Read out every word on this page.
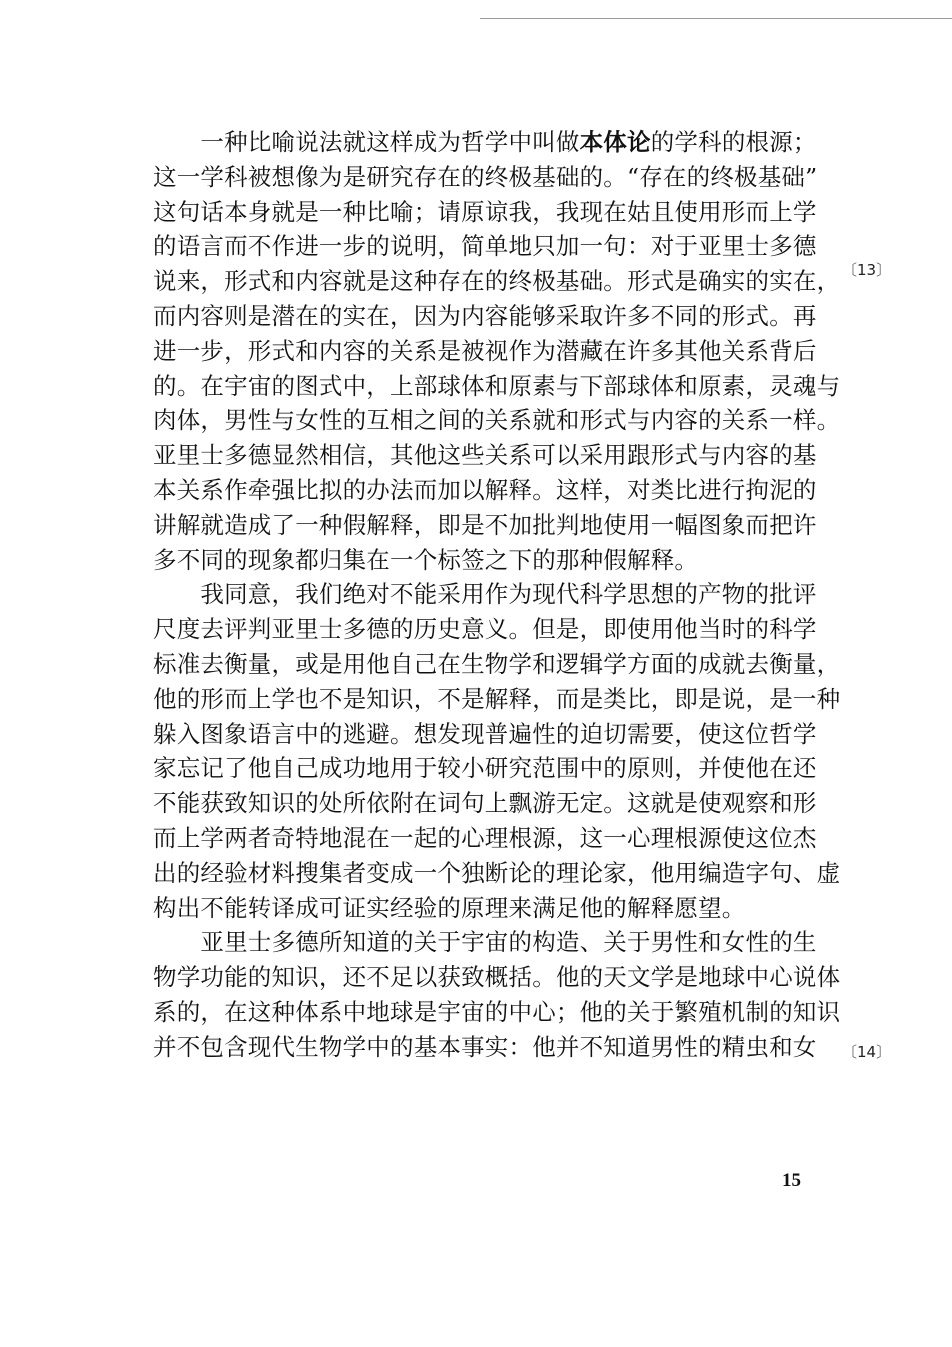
　　一种比喻说法就这样成为哲学中叫做本体论的学科的根源；
这一学科被想像为是研究存在的终极基础的。“存在的终极基础”
这句话本身就是一种比喻；请原谅我，我现在姑且使用形而上学
的语言而不作进一步的说明，简单地只加一句：对于亚里士多德
说来，形式和内容就是这种存在的终极基础。形式是确实的实在，
而内容则是潜在的实在，因为内容能够采取许多不同的形式。再
进一步，形式和内容的关系是被视作为潜藏在许多其他关系背后
的。在宇宙的图式中，上部球体和原素与下部球体和原素，灵魂与
肉体，男性与女性的互相之间的关系就和形式与内容的关系一样。
亚里士多德显然相信，其他这些关系可以采用跟形式与内容的基
本关系作牵强比拟的办法而加以解释。这样，对类比进行拘泥的
讲解就造成了一种假解释，即是不加批判地使用一幅图象而把许
多不同的现象都归集在一个标签之下的那种假解释。
　　我同意，我们绝对不能采用作为现代科学思想的产物的批评
尺度去评判亚里士多德的历史意义。但是，即使用他当时的科学
标准去衡量，或是用他自己在生物学和逻辑学方面的成就去衡量，
他的形而上学也不是知识，不是解释，而是类比，即是说，是一种
躲入图象语言中的逃避。想发现普遍性的迫切需要，使这位哲学
家忘记了他自己成功地用于较小研究范围中的原则，并使他在还
不能获致知识的处所依附在词句上飘游无定。这就是使观察和形
而上学两者奇特地混在一起的心理根源，这一心理根源使这位杰
出的经验材料搜集者变成一个独断论的理论家，他用编造字句、虚
构出不能转译成可证实经验的原理来满足他的解释愿望。
　　亚里士多德所知道的关于宇宙的构造、关于男性和女性的生
物学功能的知识，还不足以获致概括。他的天文学是地球中心说体
系的，在这种体系中地球是宇宙的中心；他的关于繁殖机制的知识
并不包含现代生物学中的基本事实：他并不知道男性的精虫和女
〔13〕
〔14〕
15
